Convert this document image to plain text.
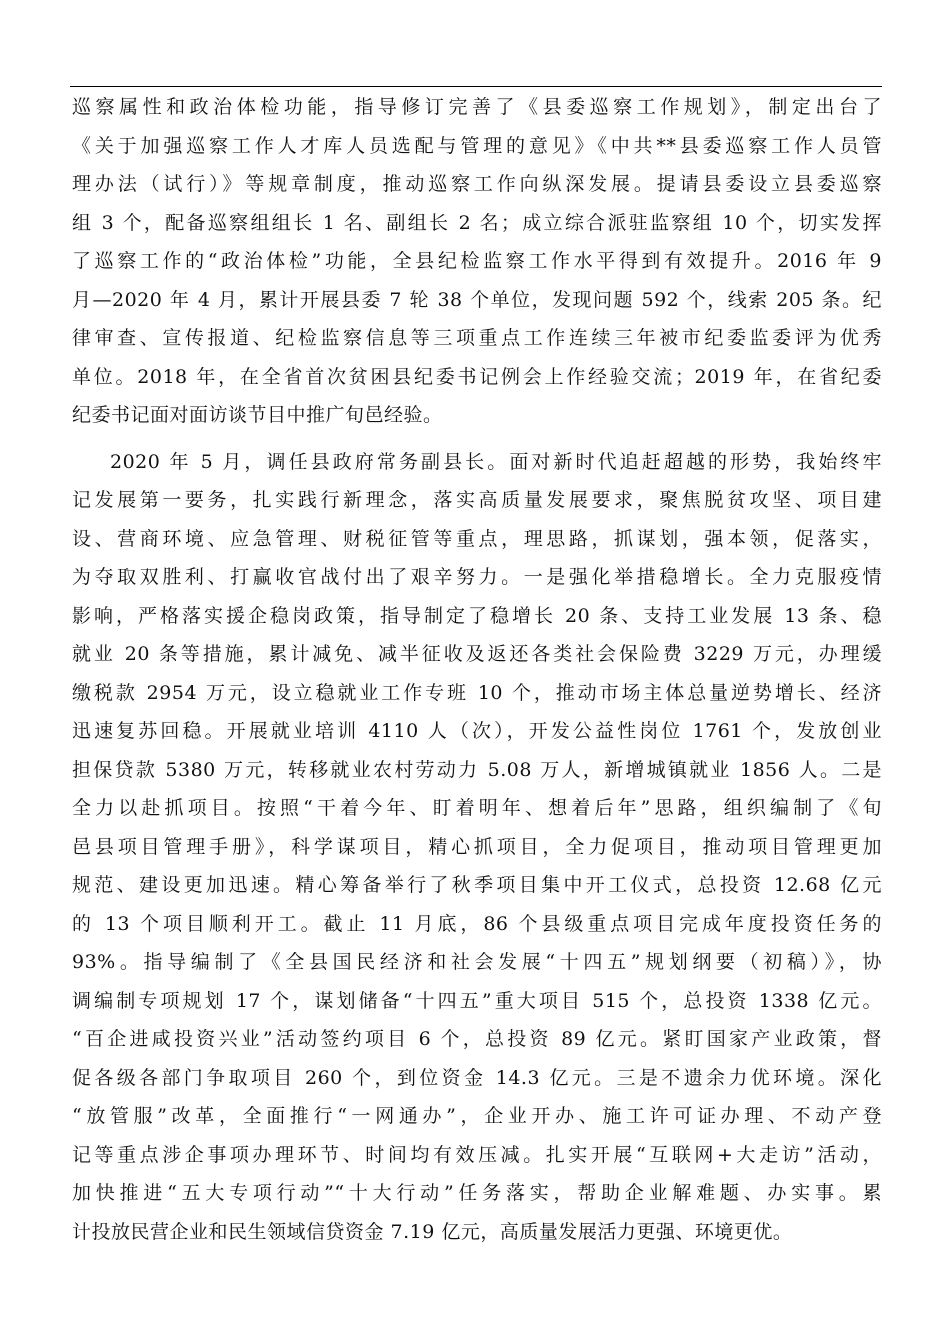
巡察属性和政治体检功能，指导修订完善了《县委巡察工作规划》，制定出台了
《关于加强巡察工作人才库人员选配与管理的意见》《中共**县委巡察工作人员管
理办法（试行）》等规章制度，推动巡察工作向纵深发展。提请县委设立县委巡察
组 3 个，配备巡察组组长 1 名、副组长 2 名；成立综合派驻监察组 10 个，切实发挥
了巡察工作的“政治体检”功能，全县纪检监察工作水平得到有效提升。2016 年 9
月—2020 年 4 月，累计开展县委 7 轮 38 个单位，发现问题 592 个，线索 205 条。纪
律审查、宣传报道、纪检监察信息等三项重点工作连续三年被市纪委监委评为优秀
单位。2018 年，在全省首次贫困县纪委书记例会上作经验交流；2019 年，在省纪委
纪委书记面对面访谈节目中推广旬邑经验。
2020 年 5 月，调任县政府常务副县长。面对新时代追赶超越的形势，我始终牢
记发展第一要务，扎实践行新理念，落实高质量发展要求，聚焦脱贫攻坚、项目建
设、营商环境、应急管理、财税征管等重点，理思路，抓谋划，强本领，促落实，
为夺取双胜利、打赢收官战付出了艰辛努力。一是强化举措稳增长。全力克服疫情
影响，严格落实援企稳岗政策，指导制定了稳增长 20 条、支持工业发展 13 条、稳
就业 20 条等措施，累计减免、减半征收及返还各类社会保险费 3229 万元，办理缓
缴税款 2954 万元，设立稳就业工作专班 10 个，推动市场主体总量逆势增长、经济
迅速复苏回稳。开展就业培训 4110 人（次），开发公益性岗位 1761 个，发放创业
担保贷款 5380 万元，转移就业农村劳动力 5.08 万人，新增城镇就业 1856 人。二是
全力以赴抓项目。按照“干着今年、盯着明年、想着后年”思路，组织编制了《旬
邑县项目管理手册》，科学谋项目，精心抓项目，全力促项目，推动项目管理更加
规范、建设更加迅速。精心筹备举行了秋季项目集中开工仪式，总投资 12.68 亿元
的 13 个项目顺利开工。截止 11 月底，86 个县级重点项目完成年度投资任务的
93%。指导编制了《全县国民经济和社会发展“十四五”规划纲要（初稿）》，协
调编制专项规划 17 个，谋划储备“十四五”重大项目 515 个，总投资 1338 亿元。
“百企进咸投资兴业”活动签约项目 6 个，总投资 89 亿元。紧盯国家产业政策，督
促各级各部门争取项目 260 个，到位资金 14.3 亿元。三是不遗余力优环境。深化
“放管服”改革，全面推行“一网通办”，企业开办、施工许可证办理、不动产登
记等重点涉企事项办理环节、时间均有效压减。扎实开展“互联网+大走访”活动，
加快推进“五大专项行动”“十大行动”任务落实，帮助企业解难题、办实事。累
计投放民营企业和民生领域信贷资金 7.19 亿元，高质量发展活力更强、环境更优。
